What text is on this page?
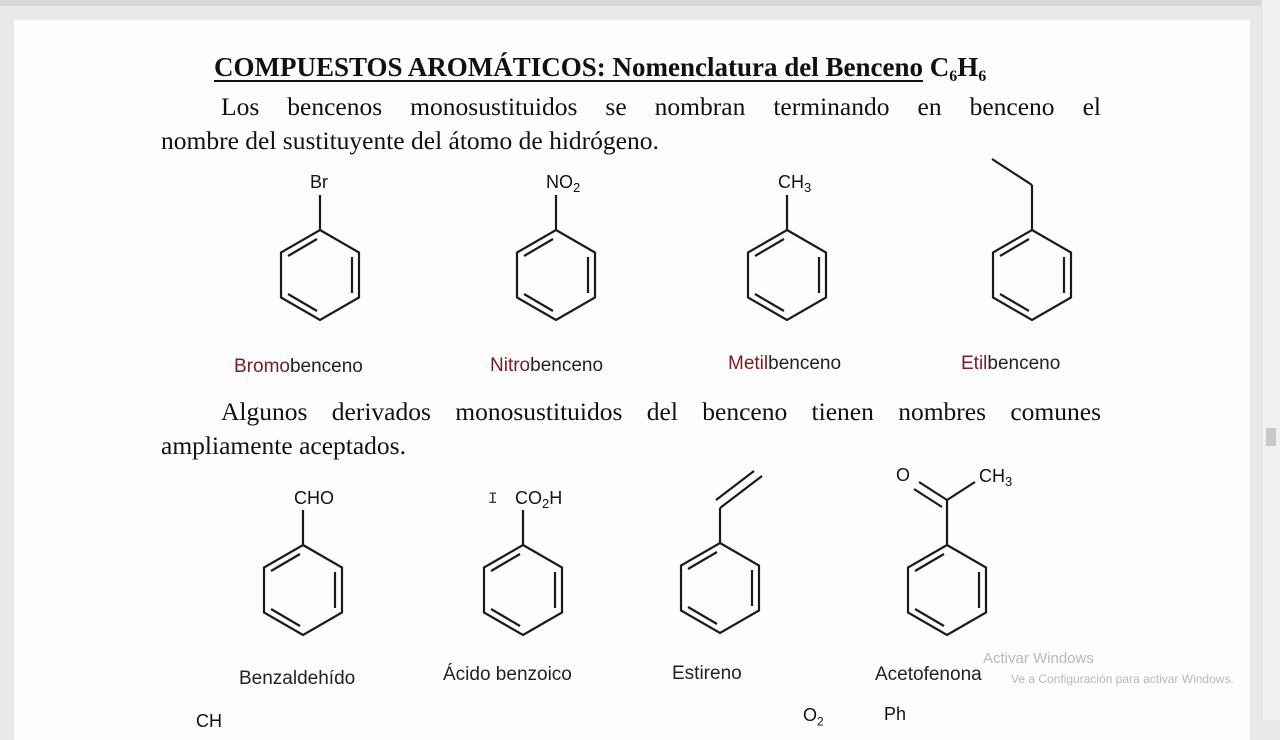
COMPUESTOS AROMÁTICOS: Nomenclatura del Benceno $C_6H_6$
Los bencenos monosustituidos se nombran terminando en benceno el
nombre del sustituyente del átomo de hidrógeno.
Br	$NO_2$	$CH_3$
Bromobenceno	Nitrobenceno	Metilbenceno	Etilbenceno
Algunos derivados monosustituidos del benceno tienen nombres comunes
ampliamente aceptados.
CHO	$CO_2H$
O	$CH_3$
Benzaldehído	Ácido benzoico	Estireno	Acetofenona
CH	$O_2$	Ph
I
Activar Windows
Ve a Configuración para activar Windows.
